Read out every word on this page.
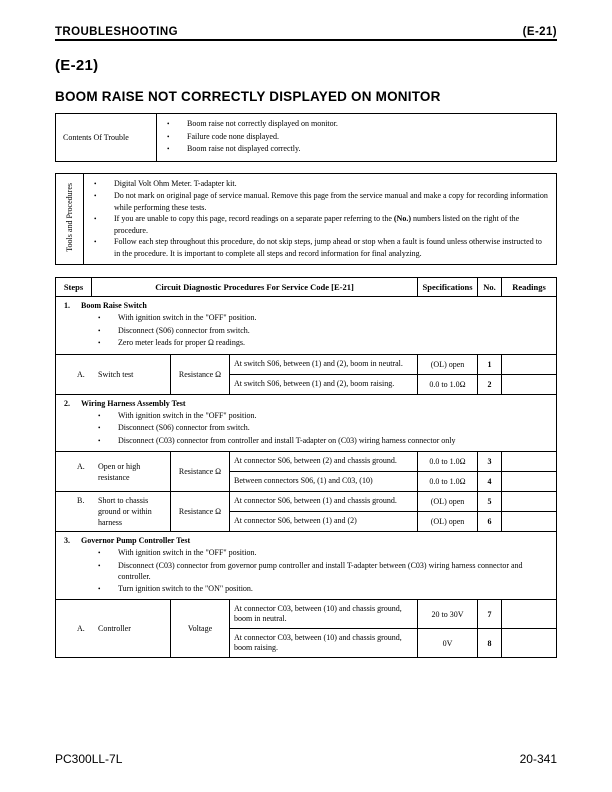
TROUBLESHOOTING	(E-21)
(E-21)
BOOM RAISE NOT CORRECTLY DISPLAYED ON MONITOR
Contents Of Trouble	
•	Boom raise not correctly displayed on monitor.
•	Failure code none displayed.
•	Boom raise not displayed correctly.
Tools and Procedures	•	Digital Volt Ohm Meter. T-adapter kit.
•	Do not mark on original page of service manual. Remove this page from the service manual and make a copy for recording information while performing these tests.
•	If you are unable to copy this page, record readings on a separate paper referring to the (No.) numbers listed on the right of the procedure.
•	Follow each step throughout this procedure, do not skip steps, jump ahead or stop when a fault is found unless otherwise instructed to in the procedure. It is important to complete all steps and record information for final analyzing.
Steps	Circuit Diagnostic Procedures For Service Code [E-21]			Specifications	No.	Readings

1.	Boom Raise Switch
•	With ignition switch in the "OFF" position.
•	Disconnect (S06) connector from switch.
•	Zero meter leads for proper Ω readings.

A. Switch test		Resistance Ω	At switch S06, between (1) and (2), boom in neutral.	(OL) open	1	
			At switch S06, between (1) and (2), boom raising.	0.0 to 1.0Ω	2	

2.	Wiring Harness Assembly Test
•	With ignition switch in the "OFF" position.
•	Disconnect (S06) connector from switch.
•	Disconnect (C03) connector from controller and install T-adapter on (C03) wiring harness connector only

A. Open or high resistance		Resistance Ω	At connector S06, between (2) and chassis ground.	0.0 to 1.0Ω	3	
			Between connectors S06, (1) and C03, (10)	0.0 to 1.0Ω	4	

B. Short to chassis ground or within harness		Resistance Ω	At connector S06, between (1) and chassis ground.	(OL) open	5	
			At connector S06, between (1) and (2)	(OL) open	6	

3.	Governor Pump Controller Test
•	With ignition switch in the "OFF" position.
•	Disconnect (C03) connector from governor pump controller and install T-adapter between (C03) wiring harness connector and controller.
•	Turn ignition switch to the "ON" position.

A. Controller		Voltage	At connector C03, between (10) and chassis ground, boom in neutral.	20 to 30V	7	
			At connector C03, between (10) and chassis ground, boom raising.	0V	8	
PC300LL-7L	20-341
